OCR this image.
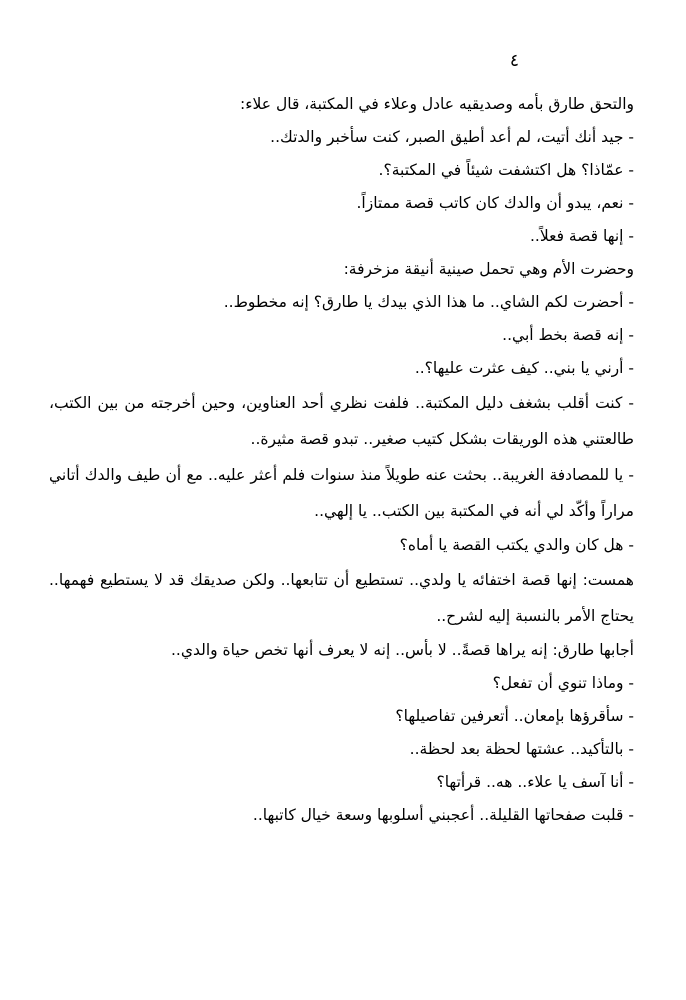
٤

والتحق طارق بأمه وصديقيه عادل وعلاء في المكتبة، قال علاء:

- جيد أنك أتيت، لم أعد أطيق الصبر، كنت سأخبر والدتك..

- عمّاذا؟ هل اكتشفت شيئاً في المكتبة؟.

- نعم، يبدو أن والدك كان كاتب قصة ممتازاً.

- إنها قصة فعلاً..

وحضرت الأم وهي تحمل صينية أنيقة مزخرفة:

- أحضرت لكم الشاي.. ما هذا الذي بيدك يا طارق؟ إنه مخطوط..

- إنه قصة بخط أبي..

- أرني يا بني.. كيف عثرت عليها؟..

- كنت أقلب بشغف دليل المكتبة.. فلفت نظري أحد العناوين، وحين أخرجته من بين الكتب، طالعتني هذه الوريقات بشكل كتيب صغير.. تبدو قصة مثيرة..

- يا للمصادفة الغريبة.. بحثت عنه طويلاً منذ سنوات فلم أعثر عليه.. مع أن طيف والدك أتاني مراراً وأكّد لي أنه في المكتبة بين الكتب.. يا إلهي..

- هل كان والدي يكتب القصة يا أماه؟

همست: إنها قصة اختفائه يا ولدي.. تستطيع أن تتابعها.. ولكن صديقك قد لا يستطيع فهمها.. يحتاج الأمر بالنسبة إليه لشرح..

أجابها طارق: إنه يراها قصةً.. لا بأس.. إنه لا يعرف أنها تخص حياة والدي..

- وماذا تنوي أن تفعل؟

- سأقرؤها بإمعان.. أتعرفين تفاصيلها؟

- بالتأكيد.. عشتها لحظة بعد لحظة..

- أنا آسف يا علاء.. هه.. قرأتها؟

- قلبت صفحاتها القليلة.. أعجبني أسلوبها وسعة خيال كاتبها..
